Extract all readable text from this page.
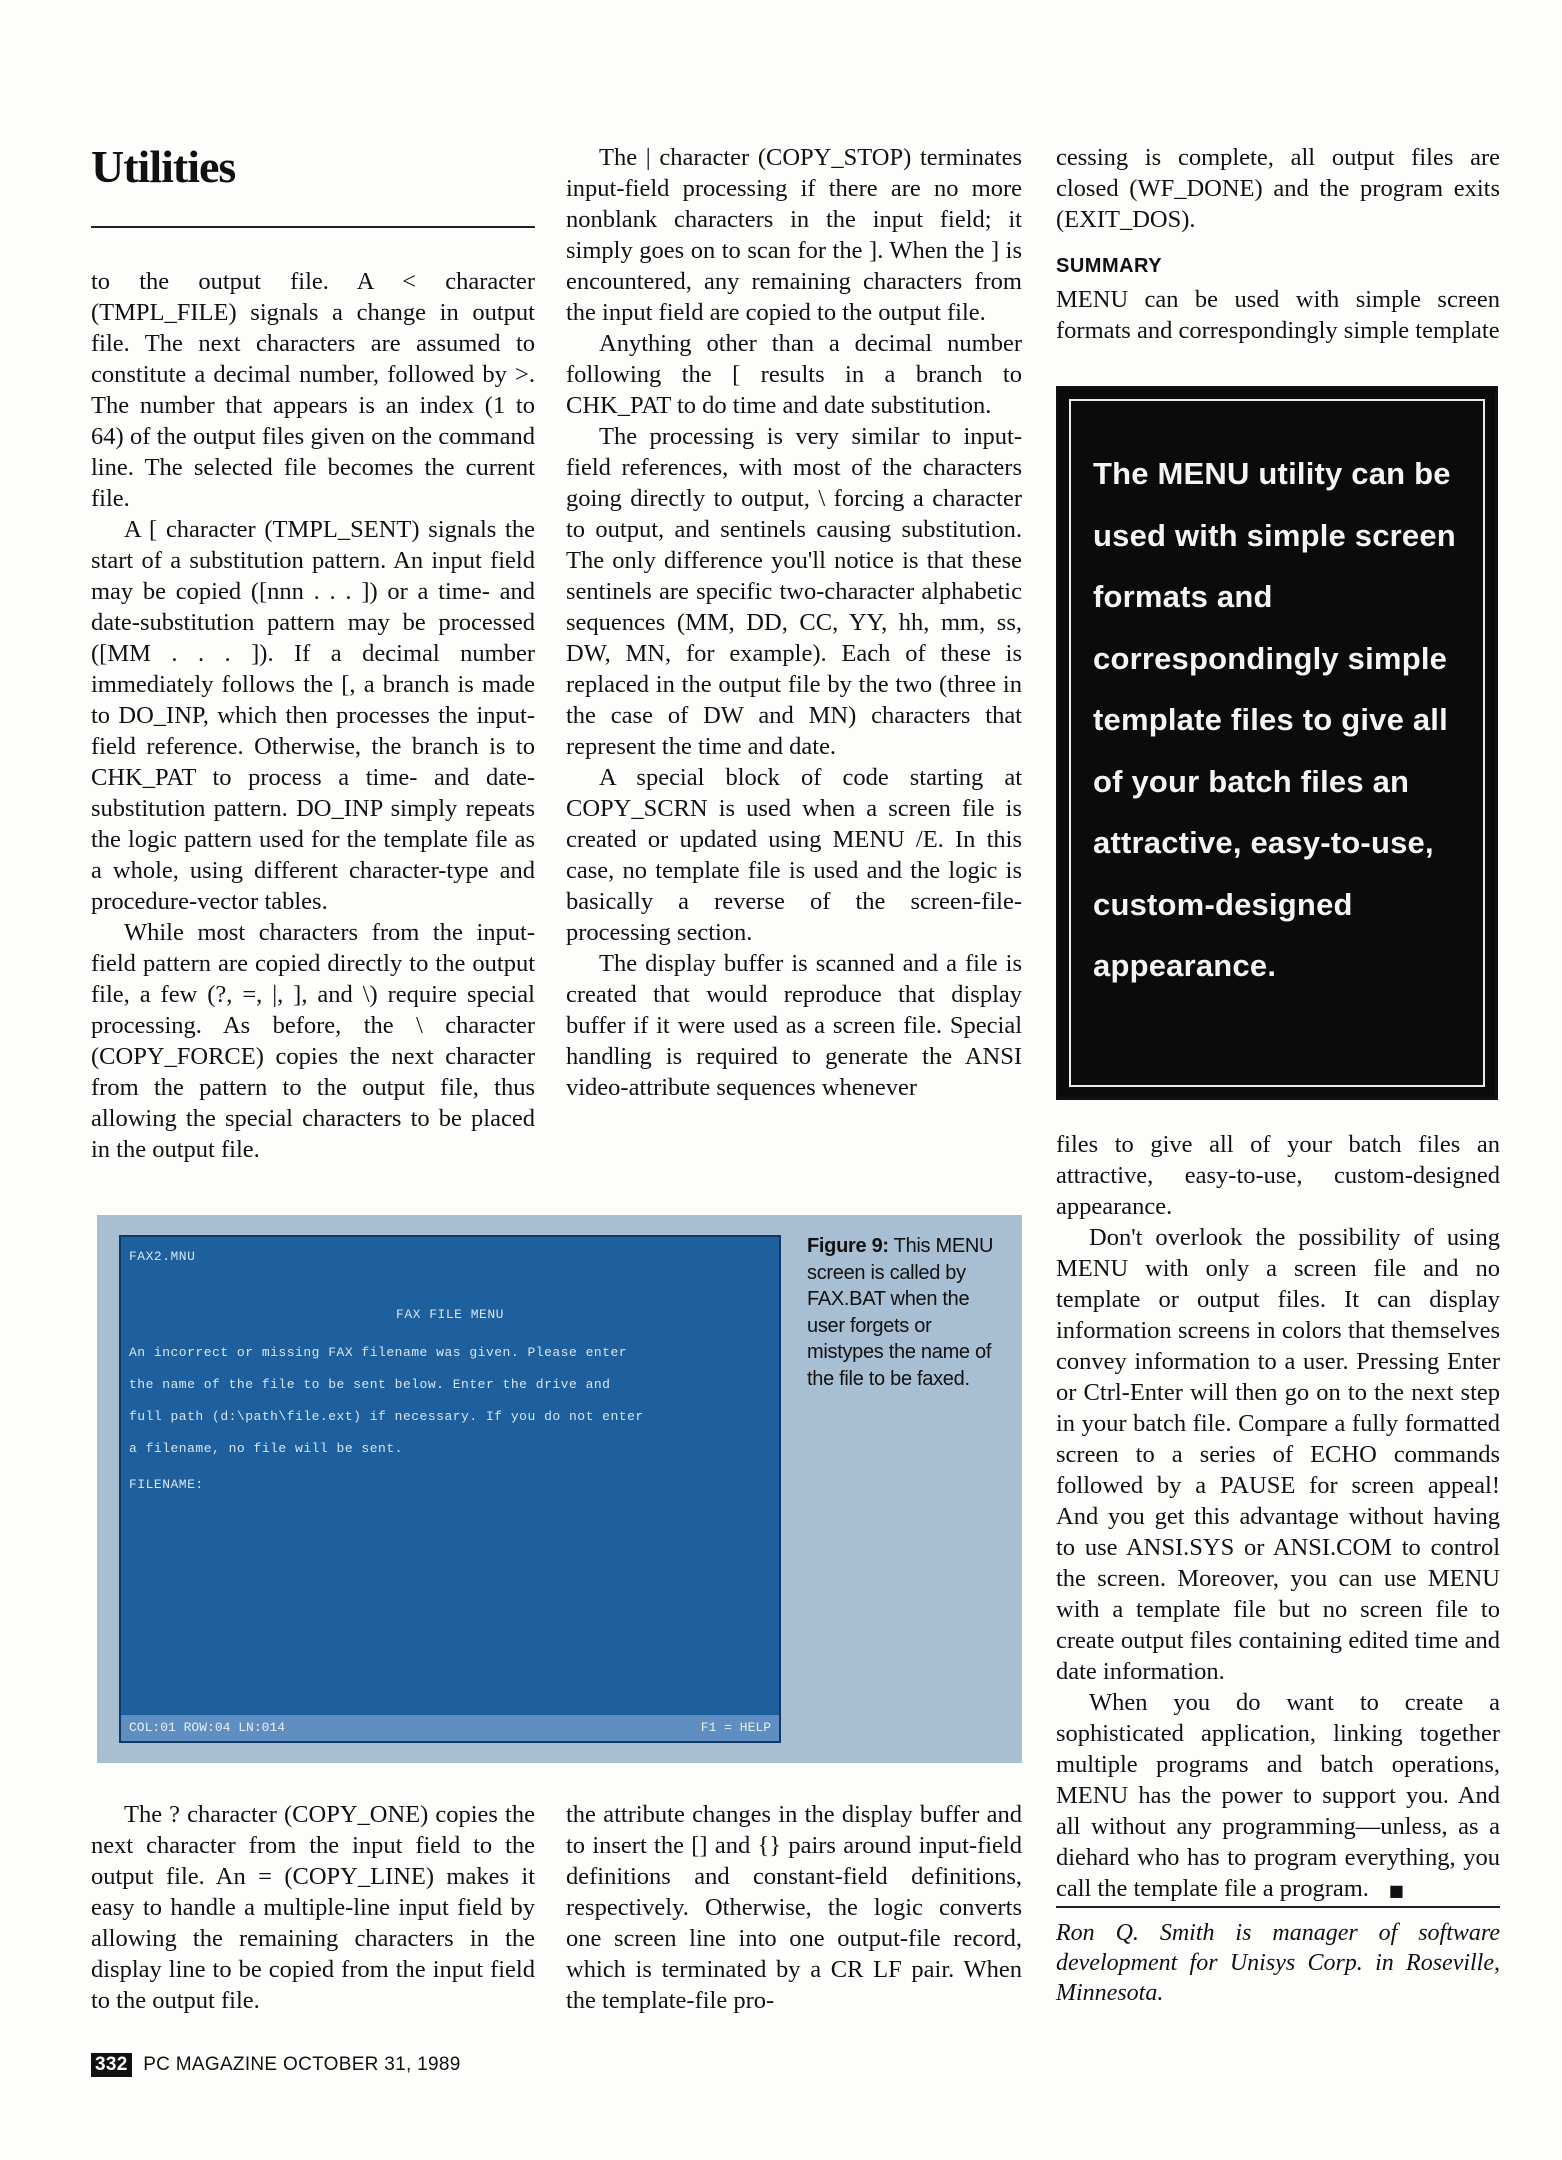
Utilities

to the output file. A < character (TMPL_FILE) signals a change in output file. The next characters are assumed to constitute a decimal number, followed by >. The number that appears is an index (1 to 64) of the output files given on the command line. The selected file becomes the current file.

A [ character (TMPL_SENT) signals the start of a substitution pattern. An input field may be copied ([nnn . . . ]) or a time- and date-substitution pattern may be processed ([MM . . . ]). If a decimal number immediately follows the [, a branch is made to DO_INP, which then processes the input-field reference. Otherwise, the branch is to CHK_PAT to process a time- and date-substitution pattern. DO_INP simply repeats the logic pattern used for the template file as a whole, using different character-type and procedure-vector tables.

While most characters from the input-field pattern are copied directly to the output file, a few (?, =, |, ], and \) require special processing. As before, the \ character (COPY_FORCE) copies the next character from the pattern to the output file, thus allowing the special characters to be placed in the output file.

The | character (COPY_STOP) terminates input-field processing if there are no more nonblank characters in the input field; it simply goes on to scan for the ]. When the ] is encountered, any remaining characters from the input field are copied to the output file.

Anything other than a decimal number following the [ results in a branch to CHK_PAT to do time and date substitution.

The processing is very similar to input-field references, with most of the characters going directly to output, \ forcing a character to output, and sentinels causing substitution. The only difference you'll notice is that these sentinels are specific two-character alphabetic sequences (MM, DD, CC, YY, hh, mm, ss, DW, MN, for example). Each of these is replaced in the output file by the two (three in the case of DW and MN) characters that represent the time and date.

A special block of code starting at COPY_SCRN is used when a screen file is created or updated using MENU /E. In this case, no template file is used and the logic is basically a reverse of the screen-file-processing section.

The display buffer is scanned and a file is created that would reproduce that display buffer if it were used as a screen file. Special handling is required to generate the ANSI video-attribute sequences whenever

cessing is complete, all output files are closed (WF_DONE) and the program exits (EXIT_DOS).

SUMMARY

MENU can be used with simple screen formats and correspondingly simple template

The MENU utility can be used with simple screen formats and correspondingly simple template files to give all of your batch files an attractive, easy-to-use, custom-designed appearance.

files to give all of your batch files an attractive, easy-to-use, custom-designed appearance.

Don't overlook the possibility of using MENU with only a screen file and no template or output files. It can display information screens in colors that themselves convey information to a user. Pressing Enter or Ctrl-Enter will then go on to the next step in your batch file. Compare a fully formatted screen to a series of ECHO commands followed by a PAUSE for screen appeal! And you get this advantage without having to use ANSI.SYS or ANSI.COM to control the screen. Moreover, you can use MENU with a template file but no screen file to create output files containing edited time and date information.

When you do want to create a sophisticated application, linking together multiple programs and batch operations, MENU has the power to support you. And all without any programming—unless, as a diehard who has to program everything, you call the template file a program. ■

FAX2.MNU
FAX FILE MENU
An incorrect or missing FAX filename was given. Please enter
the name of the file to be sent below. Enter the drive and
full path (d:\path\file.ext) if necessary. If you do not enter
a filename, no file will be sent.
FILENAME:
COL:01 ROW:04 LN:014	F1 = HELP
Figure 9: This MENU screen is called by FAX.BAT when the user forgets or mistypes the name of the file to be faxed.

The ? character (COPY_ONE) copies the next character from the input field to the output file. An = (COPY_LINE) makes it easy to handle a multiple-line input field by allowing the remaining characters in the display line to be copied from the input field to the output file.

the attribute changes in the display buffer and to insert the [] and {} pairs around input-field definitions and constant-field definitions, respectively. Otherwise, the logic converts one screen line into one output-file record, which is terminated by a CR LF pair. When the template-file pro-

Ron Q. Smith is manager of software development for Unisys Corp. in Roseville, Minnesota.
332 PC MAGAZINE OCTOBER 31, 1989
